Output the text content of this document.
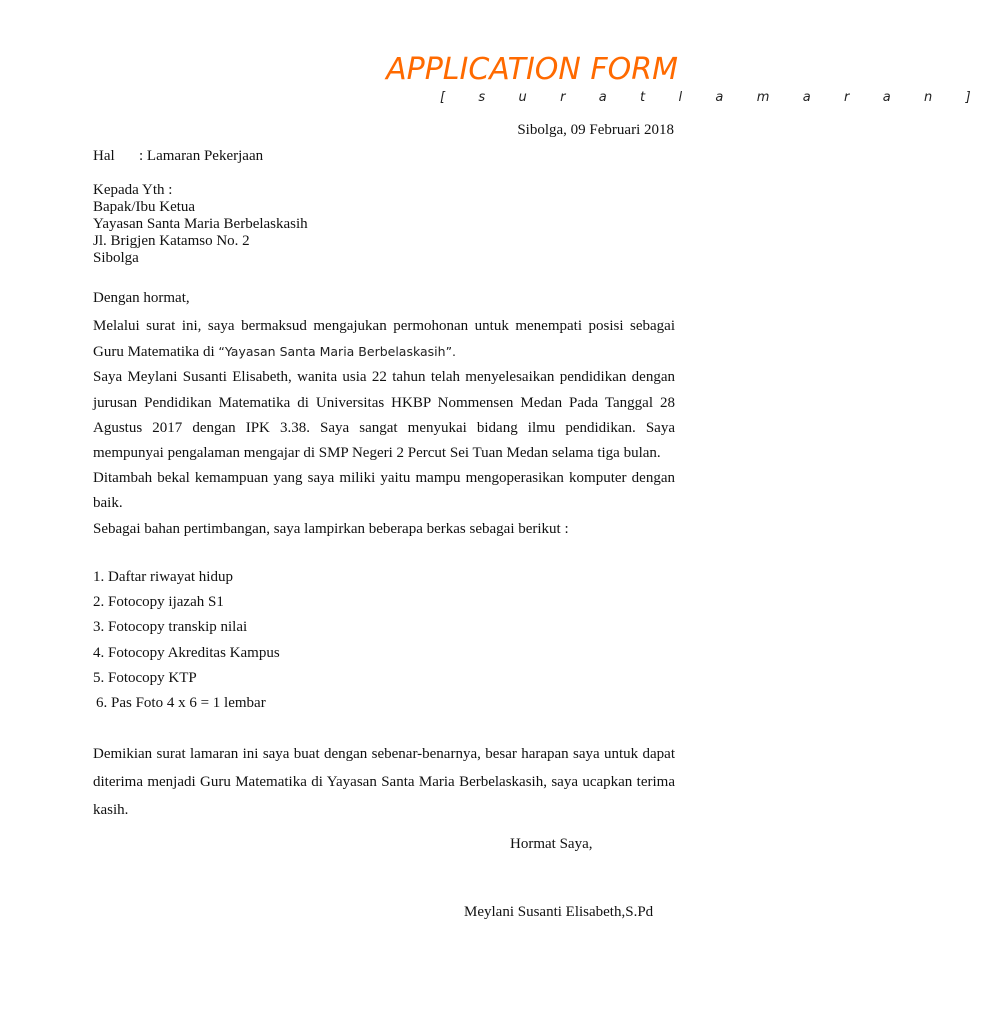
APPLICATION FORM
[ s u r a t l a m a r a n ]
Sibolga, 09 Februari 2018
Hal : Lamaran Pekerjaan
Kepada Yth :
Bapak/Ibu Ketua
Yayasan Santa Maria Berbelaskasih
Jl. Brigjen Katamso No. 2
Sibolga
Dengan hormat,

Melalui surat ini, saya bermaksud mengajukan permohonan untuk menempati posisi sebagai Guru Matematika di “Yayasan Santa Maria Berbelaskasih”.

Saya Meylani Susanti Elisabeth, wanita usia 22 tahun telah menyelesaikan pendidikan dengan jurusan Pendidikan Matematika di Universitas HKBP Nommensen Medan Pada Tanggal 28 Agustus 2017 dengan IPK 3.38. Saya sangat menyukai bidang ilmu pendidikan. Saya mempunyai pengalaman mengajar di SMP Negeri 2 Percut Sei Tuan Medan selama tiga bulan.

Ditambah bekal kemampuan yang saya miliki yaitu mampu mengoperasikan komputer dengan baik.

Sebagai bahan pertimbangan, saya lampirkan beberapa berkas sebagai berikut :

1. Daftar riwayat hidup
2. Fotocopy ijazah S1
3. Fotocopy transkip nilai
4. Fotocopy Akreditas Kampus
5. Fotocopy KTP
6. Pas Foto 4 x 6 = 1 lembar

Demikian surat lamaran ini saya buat dengan sebenar-benarnya, besar harapan saya untuk dapat diterima menjadi Guru Matematika di Yayasan Santa Maria Berbelaskasih, saya ucapkan terima kasih.

Hormat Saya,
Meylani Susanti Elisabeth,S.Pd
